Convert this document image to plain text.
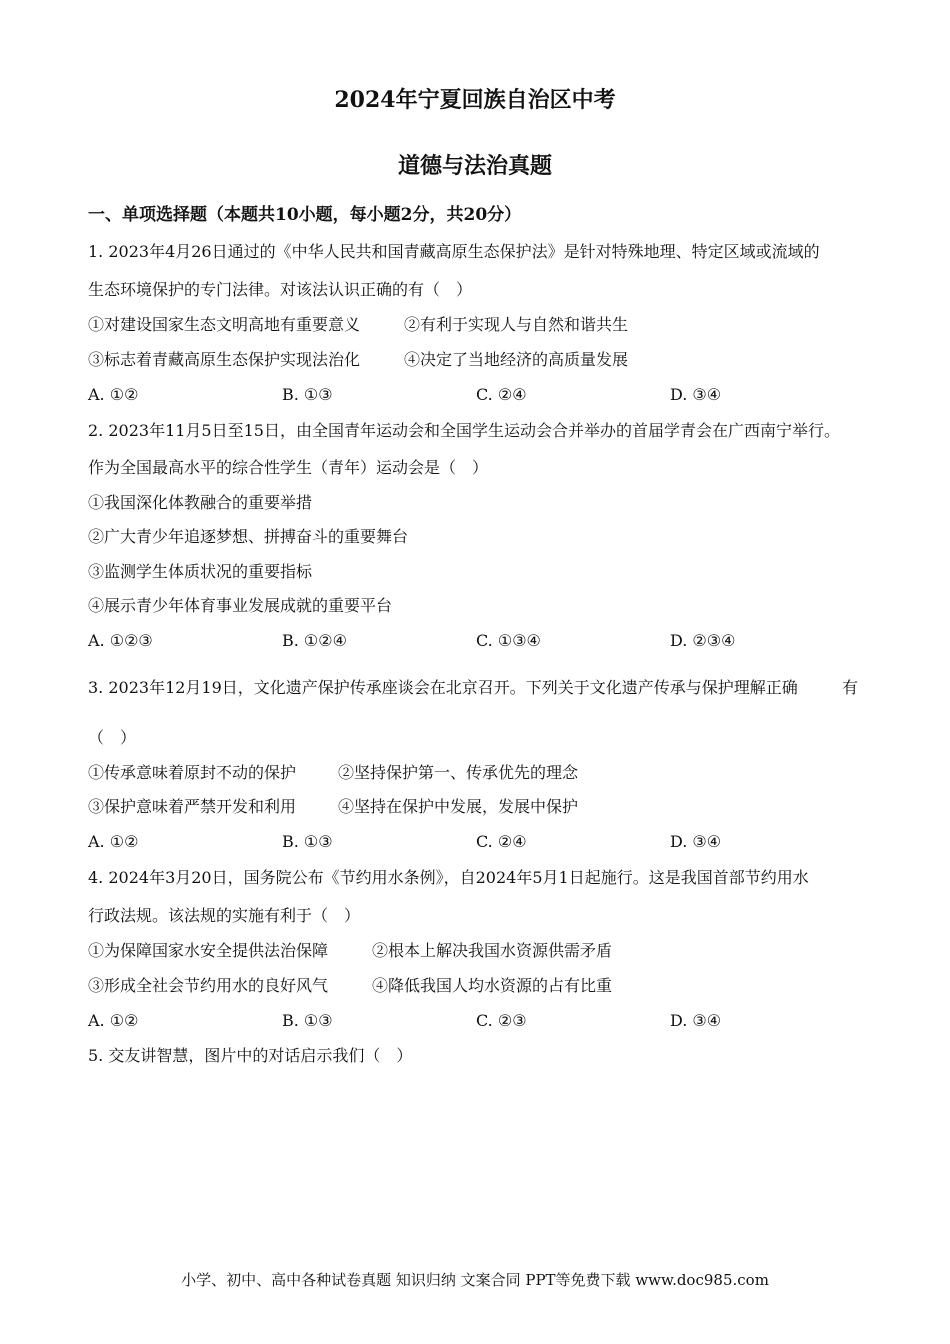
2024年宁夏回族自治区中考
道德与法治真题
一、单项选择题（本题共10小题，每小题2分，共20分）
1. 2023年4月26日通过的《中华人民共和国青藏高原生态保护法》是针对特殊地理、特定区域或流域的
生态环境保护的专门法律。对该法认识正确的有（　）
①对建设国家生态文明高地有重要意义	②有利于实现人与自然和谐共生
③标志着青藏高原生态保护实现法治化	④决定了当地经济的高质量发展
A. ①②	B. ①③	C. ②④	D. ③④
2. 2023年11月5日至15日，由全国青年运动会和全国学生运动会合并举办的首届学青会在广西南宁举行。
作为全国最高水平的综合性学生（青年）运动会是（　）
①我国深化体教融合的重要举措
②广大青少年追逐梦想、拼搏奋斗的重要舞台
③监测学生体质状况的重要指标
④展示青少年体育事业发展成就的重要平台
A. ①②③	B. ①②④	C. ①③④	D. ②③④
3. 2023年12月19日，文化遗产保护传承座谈会在北京召开。下列关于文化遗产传承与保护理解正确	有
（　）
①传承意味着原封不动的保护	②坚持保护第一、传承优先的理念
③保护意味着严禁开发和利用	④坚持在保护中发展，发展中保护
A. ①②	B. ①③	C. ②④	D. ③④
4. 2024年3月20日，国务院公布《节约用水条例》，自2024年5月1日起施行。这是我国首部节约用水
行政法规。该法规的实施有利于（　）
①为保障国家水安全提供法治保障	②根本上解决我国水资源供需矛盾
③形成全社会节约用水的良好风气	④降低我国人均水资源的占有比重
A. ①②	B. ①③	C. ②③	D. ③④
5. 交友讲智慧，图片中的对话启示我们（　）
小学、初中、高中各种试卷真题 知识归纳 文案合同 PPT等免费下载 www.doc985.com
